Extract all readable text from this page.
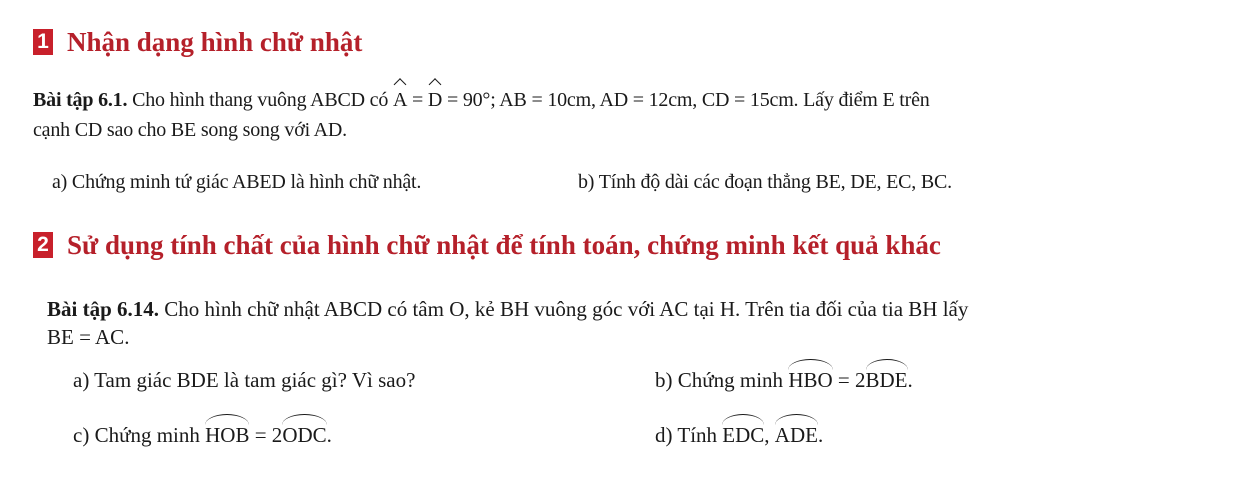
1 Nhận dạng hình chữ nhật
Bài tập 6.1. Cho hình thang vuông ABCD có A = D = 90°; AB = 10cm, AD = 12cm, CD = 15cm. Lấy điểm E trên
cạnh CD sao cho BE song song với AD.
a) Chứng minh tứ giác ABED là hình chữ nhật.	b) Tính độ dài các đoạn thẳng BE, DE, EC, BC.
2 Sử dụng tính chất của hình chữ nhật để tính toán, chứng minh kết quả khác
Bài tập 6.14. Cho hình chữ nhật ABCD có tâm O, kẻ BH vuông góc với AC tại H. Trên tia đối của tia BH lấy
BE = AC.
a) Tam giác BDE là tam giác gì? Vì sao?	b) Chứng minh HBO = 2BDE.
c) Chứng minh HOB = 2ODC.	d) Tính EDC, ADE.
